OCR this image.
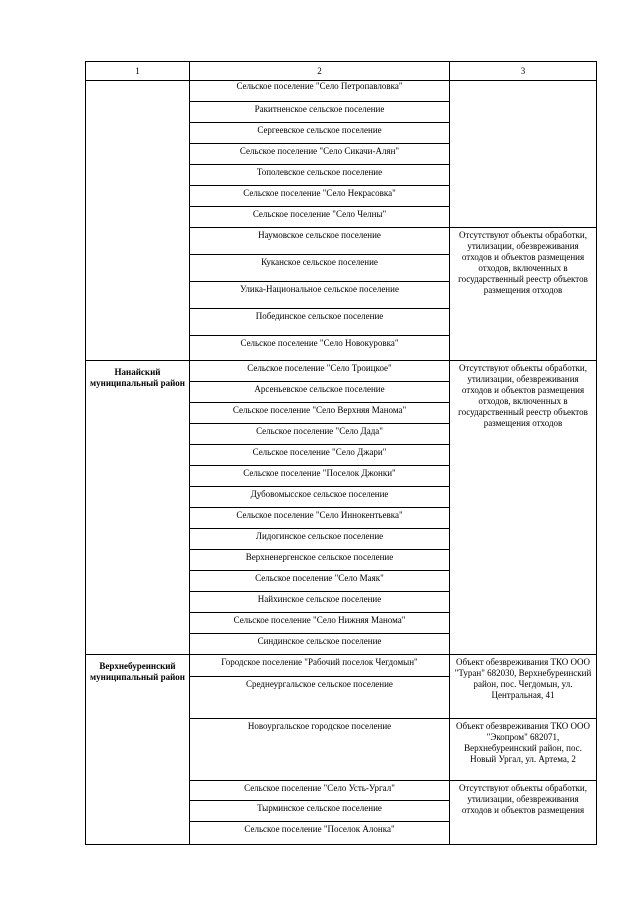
1	2	3
	Сельское поселение "Село Петропавловка"	
	Ракитненское сельское поселение	
	Сергеевское сельское поселение	
	Сельское поселение "Село Сикачи-Алян"	
	Тополевское сельское поселение	
	Сельское поселение "Село Некрасовка"	
	Сельское поселение "Село Челны"	
	Наумовское сельское поселение	Отсутствуют объекты обработки, утилизации, обезвреживания отходов и объектов размещения отходов, включенных в государственный реестр объектов размещения отходов
	Куканское сельское поселение	
	Улика-Национальное сельское поселение	
	Побединское сельское поселение	
	Сельское поселение "Село Новокуровка"	
Нанайский муниципальный район	Сельское поселение "Село Троицкое"	Отсутствуют объекты обработки, утилизации, обезвреживания отходов и объектов размещения отходов, включенных в государственный реестр объектов размещения отходов
	Арсеньевское сельское поселение	
	Сельское поселение "Село Верхняя Манома"	
	Сельское поселение "Село Дада"	
	Сельское поселение "Село Джари"	
	Сельское поселение "Поселок Джонки"	
	Дубовомысское сельское поселение	
	Сельское поселение "Село Иннокентьевка"	
	Лидогинское сельское поселение	
	Верхненергенское сельское поселение	
	Сельское поселение "Село Маяк"	
	Найхинское сельское поселение	
	Сельское поселение "Село Нижняя Манома"	
	Синдинское сельское поселение	
Верхнебуреинский муниципальный район	Городское поселение "Рабочий поселок Чегдомын"	Объект обезвреживания ТКО ООО "Туран" 682030, Верхнебуреинский район, пос. Чегдомын, ул. Центральная, 41
	Среднеургальское сельское поселение	
	Новоургальское городское поселение	Объект обезвреживания ТКО ООО "Экопром" 682071, Верхнебуреинский район, пос. Новый Ургал, ул. Артема, 2
	Сельское поселение "Село Усть-Ургал"	Отсутствуют объекты обработки, утилизации, обезвреживания отходов и объектов размещения
	Тырминское сельское поселение	
	Сельское поселение "Поселок Алонка"	
